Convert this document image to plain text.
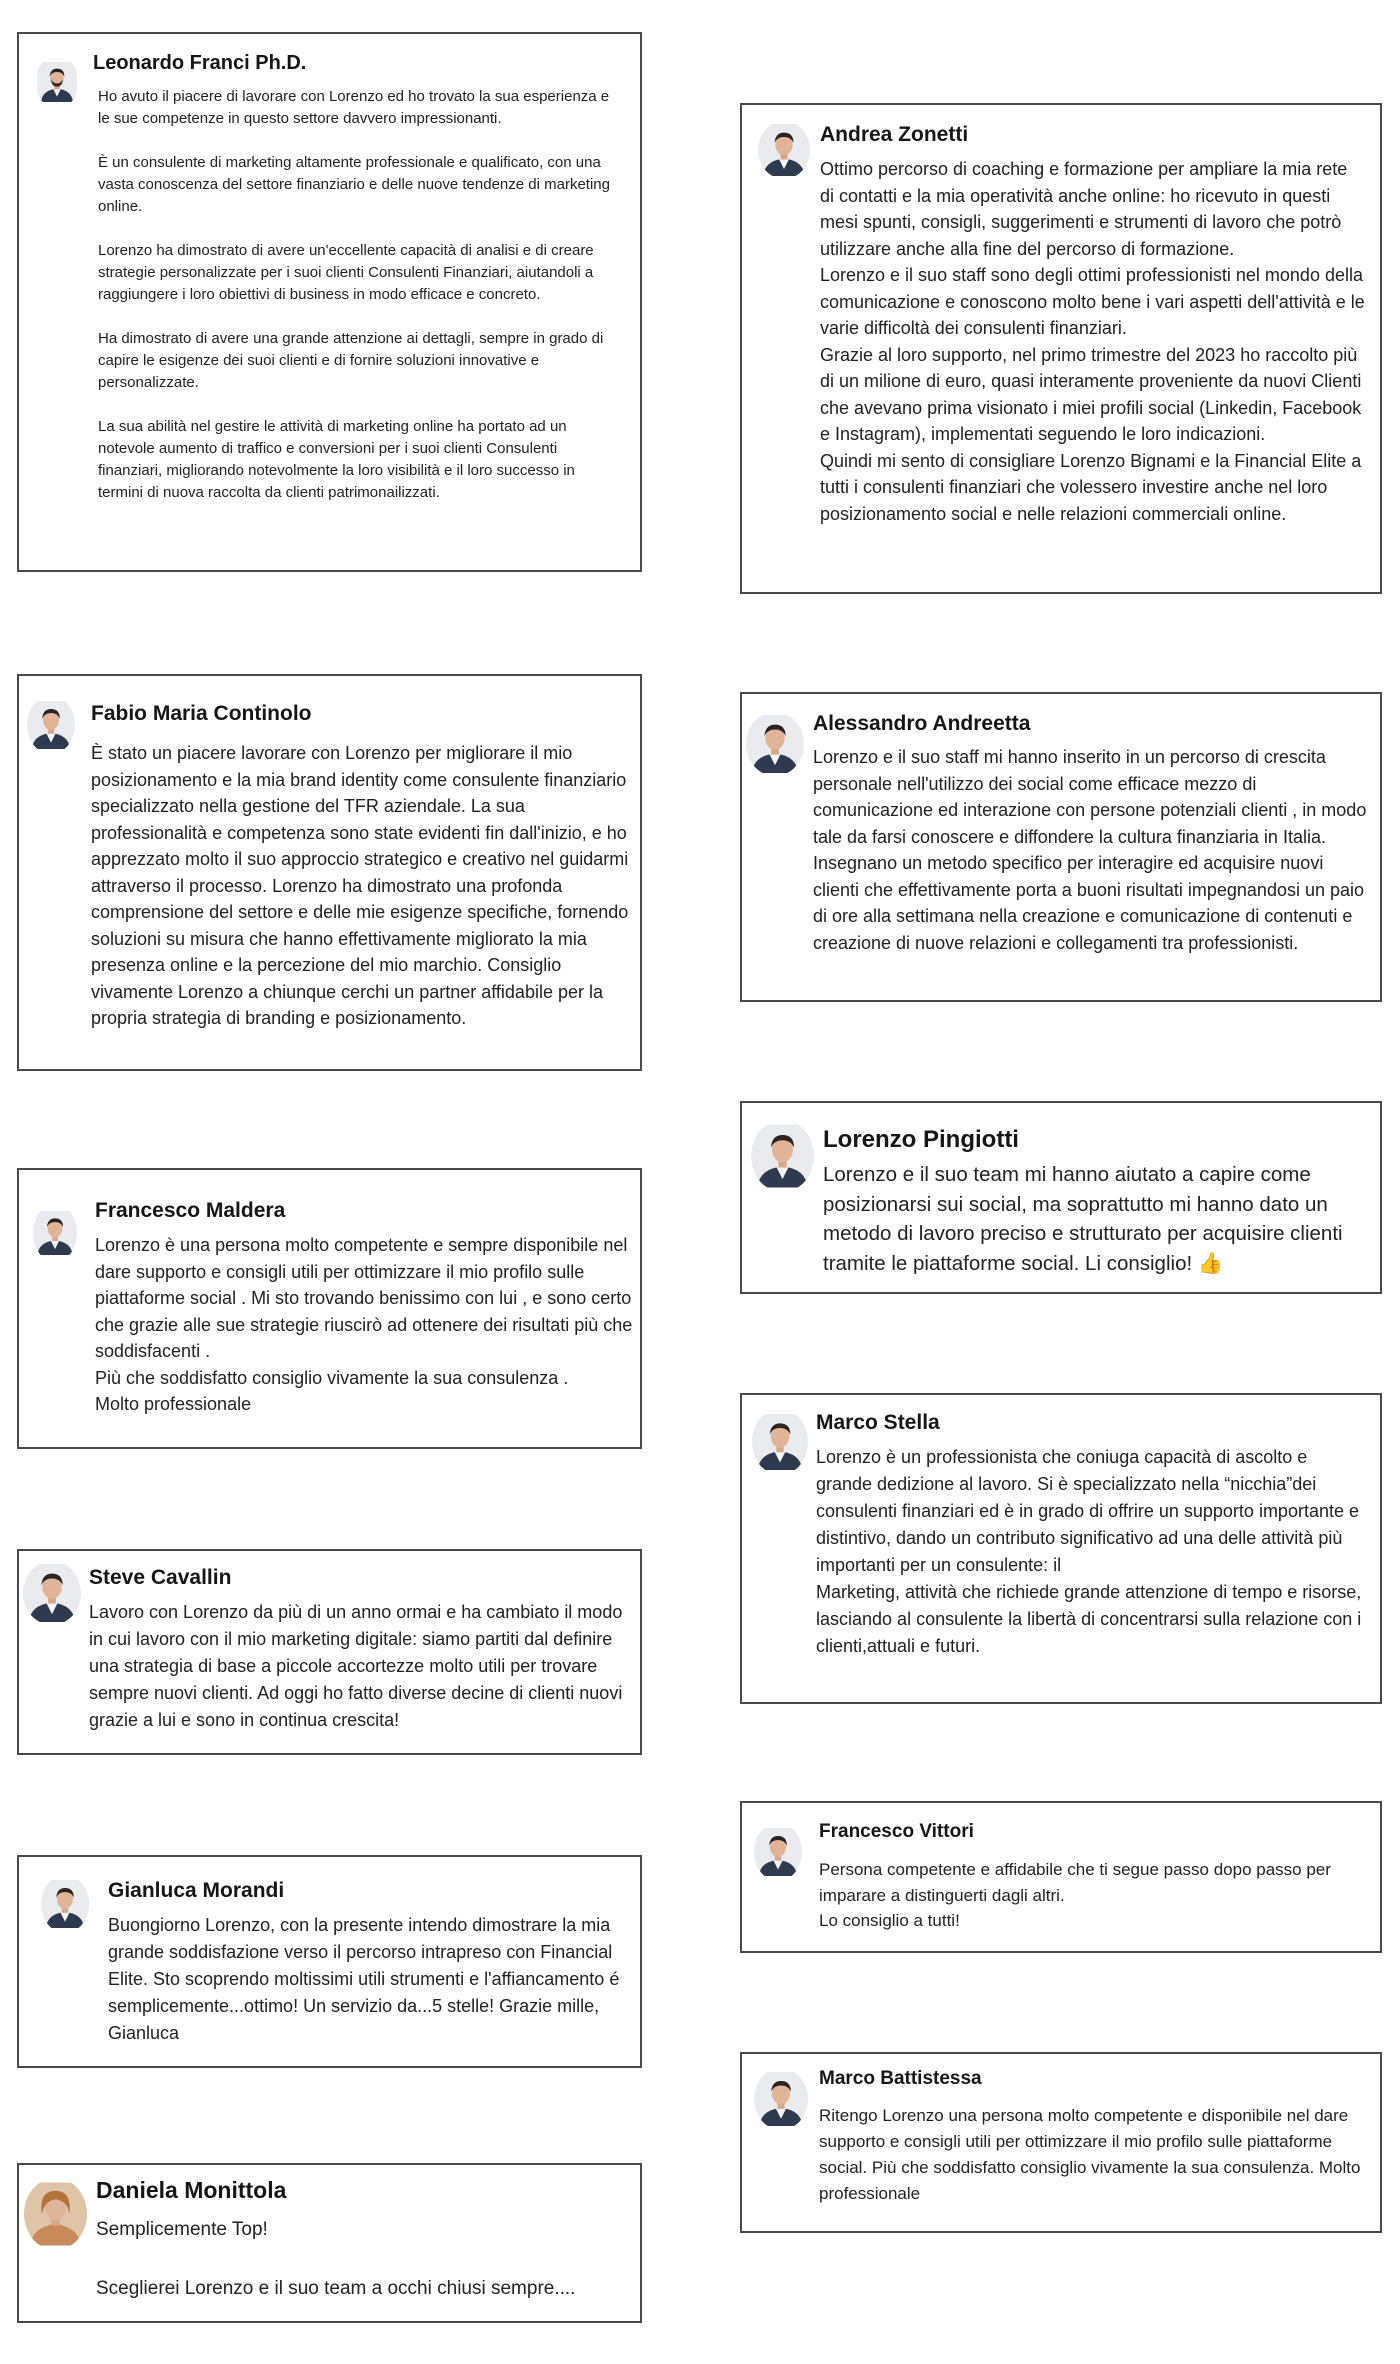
Leonardo Franci Ph.D.

Ho avuto il piacere di lavorare con Lorenzo ed ho trovato la sua esperienza e le sue competenze in questo settore davvero impressionanti.

È un consulente di marketing altamente professionale e qualificato, con una vasta conoscenza del settore finanziario e delle nuove tendenze di marketing online.

Lorenzo ha dimostrato di avere un'eccellente capacità di analisi e di creare strategie personalizzate per i suoi clienti Consulenti Finanziari, aiutandoli a raggiungere i loro obiettivi di business in modo efficace e concreto.

Ha dimostrato di avere una grande attenzione ai dettagli, sempre in grado di capire le esigenze dei suoi clienti e di fornire soluzioni innovative e personalizzate.

La sua abilità nel gestire le attività di marketing online ha portato ad un notevole aumento di traffico e conversioni per i suoi clienti Consulenti finanziari, migliorando notevolmente la loro visibilità e il loro successo in termini di nuova raccolta da clienti patrimonailizzati.

Andrea Zonetti
Ottimo percorso di coaching e formazione per ampliare la mia rete di contatti e la mia operatività anche online: ho ricevuto in questi mesi spunti, consigli, suggerimenti e strumenti di lavoro che potrò utilizzare anche alla fine del percorso di formazione.
Lorenzo e il suo staff sono degli ottimi professionisti nel mondo della comunicazione e conoscono molto bene i vari aspetti dell'attività e le varie difficoltà dei consulenti finanziari.
Grazie al loro supporto, nel primo trimestre del 2023 ho raccolto più di un milione di euro, quasi interamente proveniente da nuovi Clienti che avevano prima visionato i miei profili social (Linkedin, Facebook e Instagram), implementati seguendo le loro indicazioni.
Quindi mi sento di consigliare Lorenzo Bignami e la Financial Elite a tutti i consulenti finanziari che volessero investire anche nel loro posizionamento social e nelle relazioni commerciali online.
Fabio Maria Continolo
È stato un piacere lavorare con Lorenzo per migliorare il mio posizionamento e la mia brand identity come consulente finanziario specializzato nella gestione del TFR aziendale. La sua professionalità e competenza sono state evidenti fin dall'inizio, e ho apprezzato molto il suo approccio strategico e creativo nel guidarmi attraverso il processo. Lorenzo ha dimostrato una profonda comprensione del settore e delle mie esigenze specifiche, fornendo soluzioni su misura che hanno effettivamente migliorato la mia presenza online e la percezione del mio marchio. Consiglio vivamente Lorenzo a chiunque cerchi un partner affidabile per la propria strategia di branding e posizionamento.
Alessandro Andreetta
Lorenzo e il suo staff mi hanno inserito in un percorso di crescita personale nell'utilizzo dei social come efficace mezzo di comunicazione ed interazione con persone potenziali clienti , in modo tale da farsi conoscere e diffondere la cultura finanziaria in Italia. Insegnano un metodo specifico per interagire ed acquisire nuovi clienti che effettivamente porta a buoni risultati impegnandosi un paio di ore alla settimana nella creazione e comunicazione di contenuti e creazione di nuove relazioni e collegamenti tra professionisti.
Lorenzo Pingiotti
Lorenzo e il suo team mi hanno aiutato a capire come posizionarsi sui social, ma soprattutto mi hanno dato un metodo di lavoro preciso e strutturato per acquisire clienti tramite le piattaforme social. Li consiglio! 👍
Francesco Maldera
Lorenzo è una persona molto competente e sempre disponibile nel dare supporto e consigli utili per ottimizzare il mio profilo sulle piattaforme social . Mi sto trovando benissimo con lui , e sono certo che grazie alle sue strategie riuscirò ad ottenere dei risultati più che soddisfacenti .
Più che soddisfatto consiglio vivamente la sua consulenza .
Molto professionale
Marco Stella
Lorenzo è un professionista che coniuga capacità di ascolto e grande dedizione al lavoro. Si è specializzato nella “nicchia”dei consulenti finanziari ed è in grado di offrire un supporto importante e distintivo, dando un contributo significativo ad una delle attività più importanti per un consulente: il
Marketing, attività che richiede grande attenzione di tempo e risorse, lasciando al consulente la libertà di concentrarsi sulla relazione con i clienti,attuali e futuri.
Steve Cavallin
Lavoro con Lorenzo da più di un anno ormai e ha cambiato il modo in cui lavoro con il mio marketing digitale: siamo partiti dal definire una strategia di base a piccole accortezze molto utili per trovare sempre nuovi clienti. Ad oggi ho fatto diverse decine di clienti nuovi grazie a lui e sono in continua crescita!
Francesco Vittori
Persona competente e affidabile che ti segue passo dopo passo per imparare a distinguerti dagli altri.
Lo consiglio a tutti!
Gianluca Morandi
Buongiorno Lorenzo, con la presente intendo dimostrare la mia grande soddisfazione verso il percorso intrapreso con Financial Elite. Sto scoprendo moltissimi utili strumenti e l'affiancamento é semplicemente...ottimo! Un servizio da...5 stelle! Grazie mille, Gianluca
Marco Battistessa
Ritengo Lorenzo una persona molto competente e disponibile nel dare supporto e consigli utili per ottimizzare il mio profilo sulle piattaforme social. Più che soddisfatto consiglio vivamente la sua consulenza. Molto professionale
Daniela Monittola

Semplicemente Top!

Sceglierei Lorenzo e il suo team a occhi chiusi sempre....
